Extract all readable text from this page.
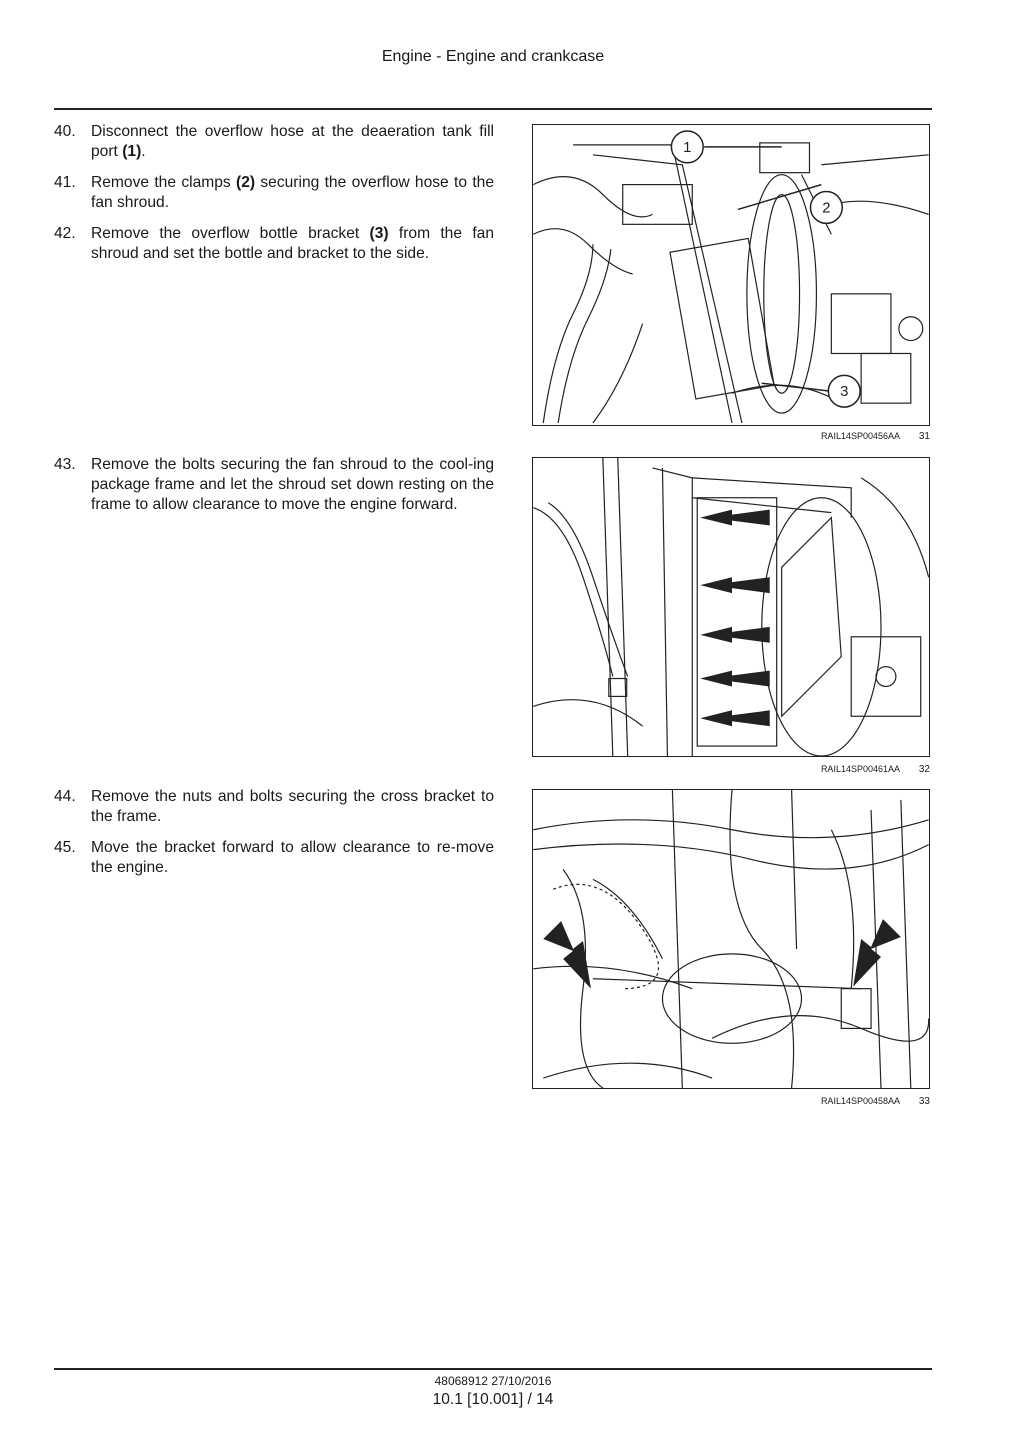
Engine - Engine and crankcase
40. Disconnect the overflow hose at the deaeration tank fill port (1).
41. Remove the clamps (2) securing the overflow hose to the fan shroud.
42. Remove the overflow bottle bracket (3) from the fan shroud and set the bottle and bracket to the side.
1
2
3
RAIL14SP00456AA 31
43. Remove the bolts securing the fan shroud to the cool-ing package frame and let the shroud set down resting on the frame to allow clearance to move the engine forward.
RAIL14SP00461AA 32
44. Remove the nuts and bolts securing the cross bracket to the frame.
45. Move the bracket forward to allow clearance to re-move the engine.
RAIL14SP00458AA 33
48068912 27/10/2016
10.1 [10.001] / 14
